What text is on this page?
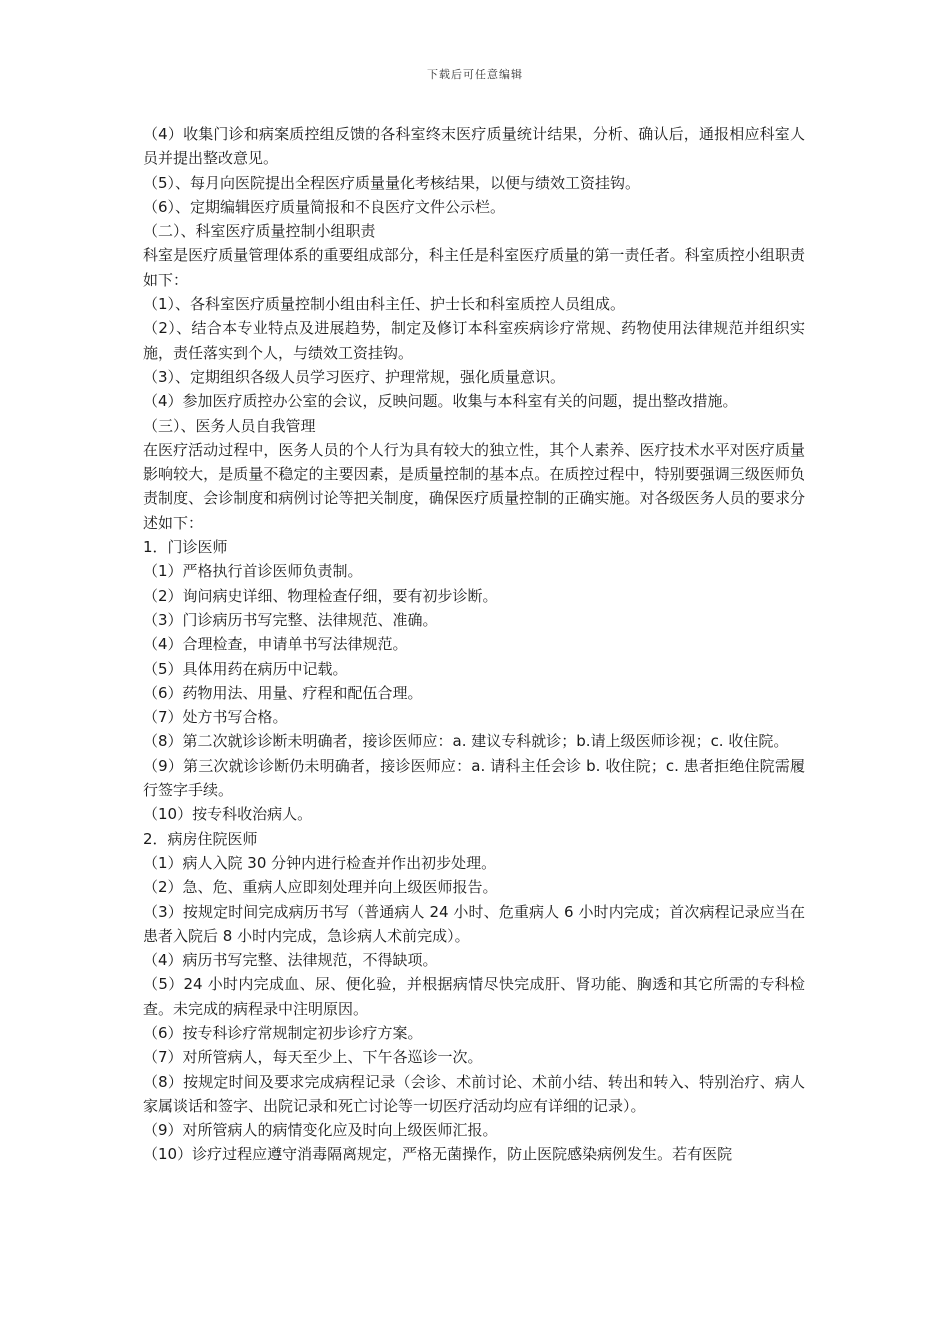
下载后可任意编辑

（4）收集门诊和病案质控组反馈的各科室终末医疗质量统计结果，分析、确认后，通报相应科室人员并提出整改意见。

（5）、每月向医院提出全程医疗质量量化考核结果，以便与绩效工资挂钩。

（6）、定期编辑医疗质量简报和不良医疗文件公示栏。

（二）、科室医疗质量控制小组职责

科室是医疗质量管理体系的重要组成部分，科主任是科室医疗质量的第一责任者。科室质控小组职责如下：

（1）、各科室医疗质量控制小组由科主任、护士长和科室质控人员组成。

（2）、结合本专业特点及进展趋势，制定及修订本科室疾病诊疗常规、药物使用法律规范并组织实施，责任落实到个人，与绩效工资挂钩。

（3）、定期组织各级人员学习医疗、护理常规，强化质量意识。

（4）参加医疗质控办公室的会议，反映问题。收集与本科室有关的问题，提出整改措施。

（三）、医务人员自我管理

在医疗活动过程中，医务人员的个人行为具有较大的独立性，其个人素养、医疗技术水平对医疗质量影响较大，是质量不稳定的主要因素，是质量控制的基本点。在质控过程中，特别要强调三级医师负责制度、会诊制度和病例讨论等把关制度，确保医疗质量控制的正确实施。对各级医务人员的要求分述如下：

1．门诊医师

（1）严格执行首诊医师负责制。

（2）询问病史详细、物理检查仔细，要有初步诊断。

（3）门诊病历书写完整、法律规范、准确。

（4）合理检查，申请单书写法律规范。

（5）具体用药在病历中记载。

（6）药物用法、用量、疗程和配伍合理。

（7）处方书写合格。

（8）第二次就诊诊断未明确者，接诊医师应：a. 建议专科就诊；b.请上级医师诊视；c. 收住院。

（9）第三次就诊诊断仍未明确者，接诊医师应：a. 请科主任会诊 b. 收住院；c. 患者拒绝住院需履行签字手续。

（10）按专科收治病人。

2．病房住院医师

（1）病人入院 30 分钟内进行检查并作出初步处理。

（2）急、危、重病人应即刻处理并向上级医师报告。

（3）按规定时间完成病历书写（普通病人 24 小时、危重病人 6 小时内完成；首次病程记录应当在患者入院后 8 小时内完成，急诊病人术前完成）。

（4）病历书写完整、法律规范，不得缺项。

（5）24 小时内完成血、尿、便化验，并根据病情尽快完成肝、肾功能、胸透和其它所需的专科检查。未完成的病程录中注明原因。

（6）按专科诊疗常规制定初步诊疗方案。

（7）对所管病人，每天至少上、下午各巡诊一次。

（8）按规定时间及要求完成病程记录（会诊、术前讨论、术前小结、转出和转入、特别治疗、病人家属谈话和签字、出院记录和死亡讨论等一切医疗活动均应有详细的记录）。

（9）对所管病人的病情变化应及时向上级医师汇报。

（10）诊疗过程应遵守消毒隔离规定，严格无菌操作，防止医院感染病例发生。若有医院
